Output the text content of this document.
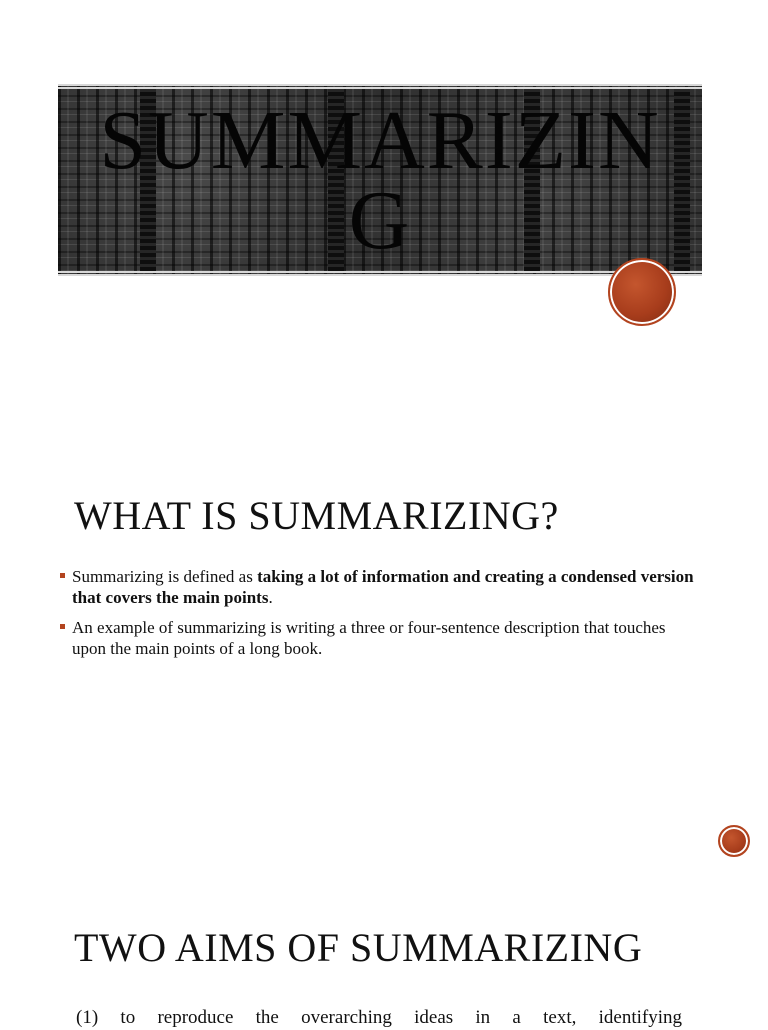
SUMMARIZING
WHAT IS SUMMARIZING?
Summarizing is defined as taking a lot of information and creating a condensed version that covers the main points.
An example of summarizing is writing a three or four-sentence description that touches upon the main points of a long book.
TWO AIMS OF SUMMARIZING
(1) to reproduce the overarching ideas in a text, identifying
